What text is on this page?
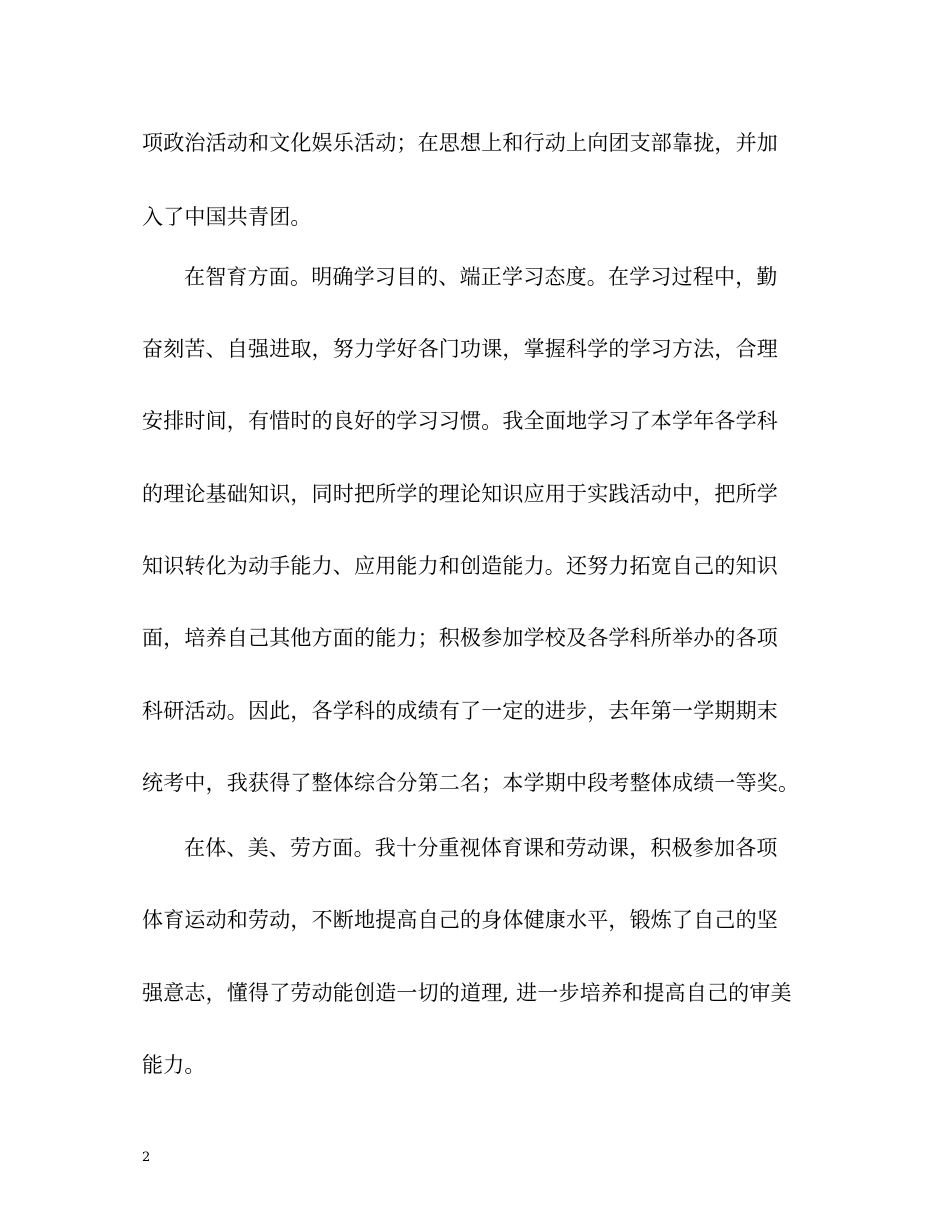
项政治活动和文化娱乐活动；在思想上和行动上向团支部靠拢，并加
入了中国共青团。
在智育方面。明确学习目的、端正学习态度。在学习过程中，勤
奋刻苦、自强进取，努力学好各门功课，掌握科学的学习方法，合理
安排时间，有惜时的良好的学习习惯。我全面地学习了本学年各学科
的理论基础知识，同时把所学的理论知识应用于实践活动中，把所学
知识转化为动手能力、应用能力和创造能力。还努力拓宽自己的知识
面，培养自己其他方面的能力；积极参加学校及各学科所举办的各项
科研活动。因此，各学科的成绩有了一定的进步，去年第一学期期末
统考中，我获得了整体综合分第二名；本学期中段考整体成绩一等奖。
在体、美、劳方面。我十分重视体育课和劳动课，积极参加各项
体育运动和劳动，不断地提高自己的身体健康水平，锻炼了自己的坚
强意志，懂得了劳动能创造一切的道理, 进一步培养和提高自己的审美
能力。
2
